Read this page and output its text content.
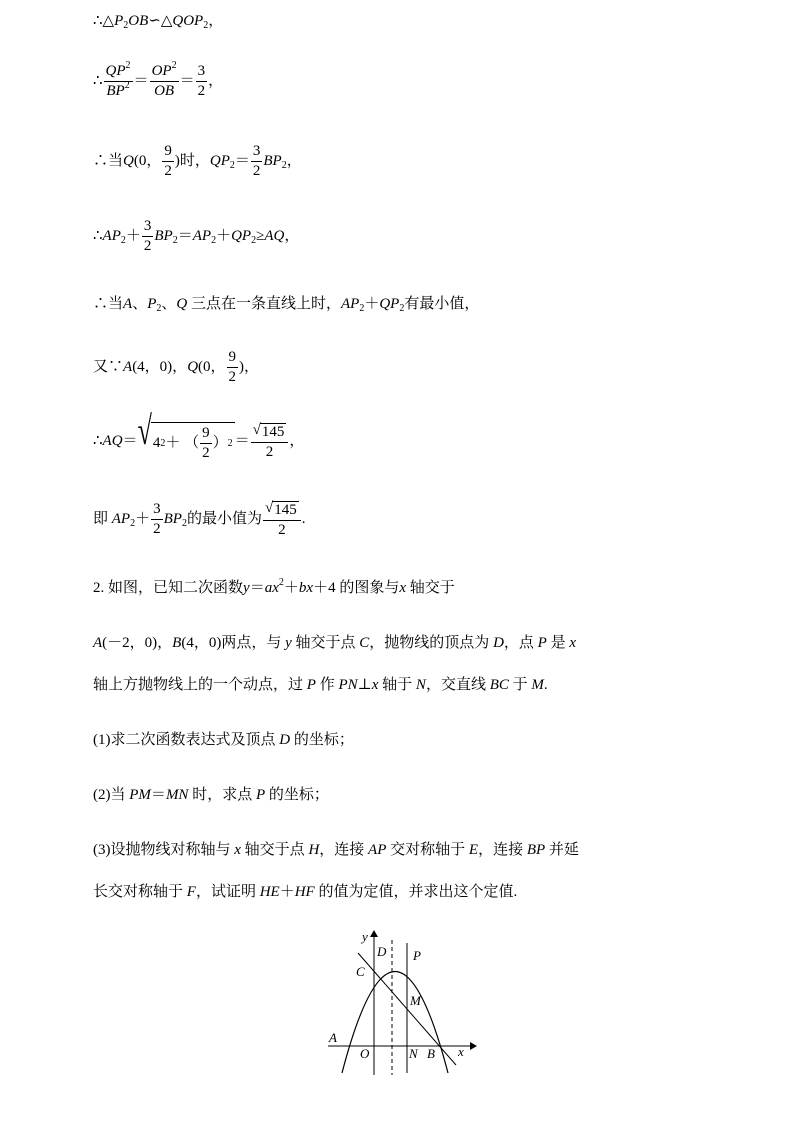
$\therefore\triangle P_2OB∽\triangle QOP_2$，
∴ $\frac{QP^2}{BP^2} = \frac{OP^2}{OB} = \frac{3}{2}$ ，
∴当Q(0， $\frac{9}{2}$ )时，$QP_2= \frac{3}{2} BP_2$，
$\therefore AP_2+ \frac{3}{2} BP_2=AP_2+QP_2\ge AQ$，
∴当A、$P_2$、Q 三点在一条直线上时，$AP_2+QP_2$有最小值，
又∵A(4，0)，Q(0， $\frac{9}{2}$ )，
∴AQ＝ √ 4 2 ＋ （ $\frac{9}{2}$ ） $2 = \frac{√ 145}{2}$ ，
即 $AP_2+ \frac{3}{2} BP_2$的最小值为 $\frac{√ 145}{2}$ .
2. 如图，已知二次函数$y=ax^2+bx+4$ 的图象与x 轴交于
A(－2，0)，B(4，0)两点，与 y 轴交于点 C，抛物线的顶点为 D，点 P 是 x
轴上方抛物线上的一个动点，过 P 作 PN⊥x 轴于 N，交直线 BC 于 M.
(1)求二次函数表达式及顶点 D 的坐标；
(2)当 PM＝MN 时，求点 P 的坐标；
(3)设抛物线对称轴与 x 轴交于点 H，连接 AP 交对称轴于 E，连接 BP 并延
长交对称轴于 F，试证明 HE＋HF 的值为定值，并求出这个定值.
y
D P
C
M
A
O	N B x
